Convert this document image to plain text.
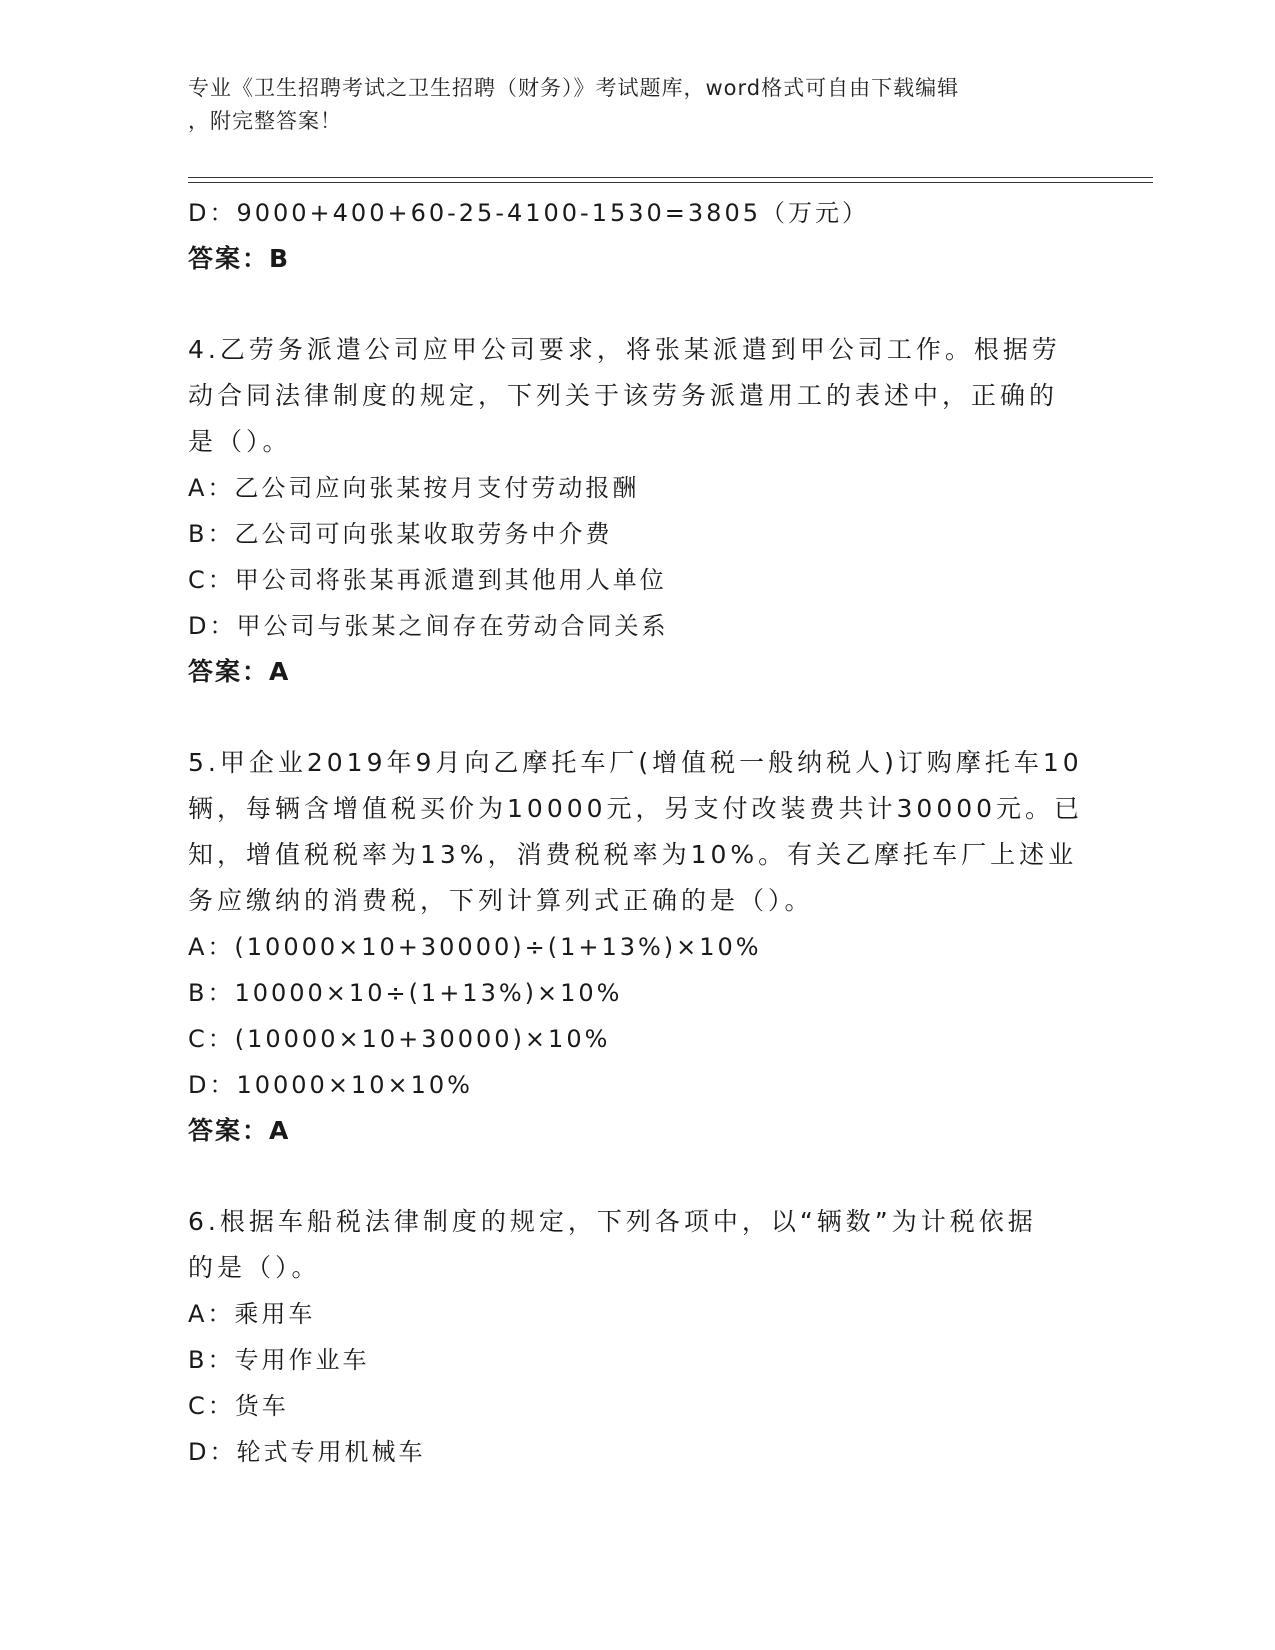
专业《卫生招聘考试之卫生招聘（财务）》考试题库，word格式可自由下载编辑
，附完整答案！

D：9000+400+60-25-4100-1530=3805（万元）

答案：B

4.乙劳务派遣公司应甲公司要求，将张某派遣到甲公司工作。根据劳

动合同法律制度的规定，下列关于该劳务派遣用工的表述中，正确的

是（）。

A：乙公司应向张某按月支付劳动报酬

B：乙公司可向张某收取劳务中介费

C：甲公司将张某再派遣到其他用人单位

D：甲公司与张某之间存在劳动合同关系

答案：A

5.甲企业2019年9月向乙摩托车厂(增值税一般纳税人)订购摩托车10

辆，每辆含增值税买价为10000元，另支付改装费共计30000元。已

知，增值税税率为13%，消费税税率为10%。有关乙摩托车厂上述业

务应缴纳的消费税，下列计算列式正确的是（）。

A：(10000×10+30000)÷(1+13%)×10%

B：10000×10÷(1+13%)×10%

C：(10000×10+30000)×10%

D：10000×10×10%

答案：A

6.根据车船税法律制度的规定，下列各项中，以“辆数”为计税依据

的是（）。

A：乘用车

B：专用作业车

C：货车

D：轮式专用机械车
